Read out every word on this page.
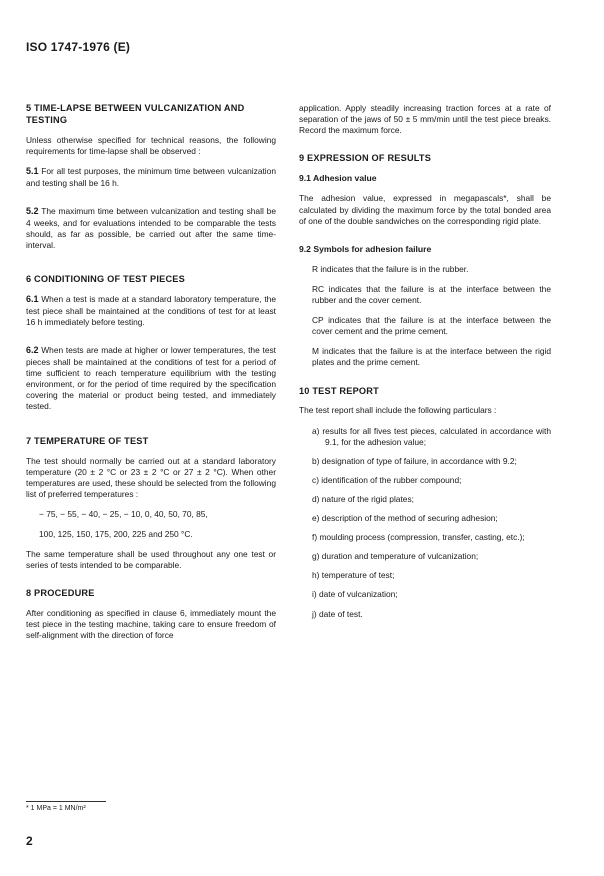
ISO 1747-1976 (E)
5 TIME-LAPSE BETWEEN VULCANIZATION AND TESTING

Unless otherwise specified for technical reasons, the following requirements for time-lapse shall be observed :

5.1 For all test purposes, the minimum time between vulcanization and testing shall be 16 h.

5.2 The maximum time between vulcanization and testing shall be 4 weeks, and for evaluations intended to be comparable the tests should, as far as possible, be carried out after the same time-interval.

6 CONDITIONING OF TEST PIECES

6.1 When a test is made at a standard laboratory temperature, the test piece shall be maintained at the conditions of test for at least 16 h immediately before testing.

6.2 When tests are made at higher or lower temperatures, the test pieces shall be maintained at the conditions of test for a period of time sufficient to reach temperature equilibrium with the testing environment, or for the period of time required by the specification covering the material or product being tested, and immediately tested.

7 TEMPERATURE OF TEST

The test should normally be carried out at a standard laboratory temperature (20 ± 2 °C or 23 ± 2 °C or 27 ± 2 °C). When other temperatures are used, these should be selected from the following list of preferred temperatures :

− 75, − 55, − 40, − 25, − 10, 0, 40, 50, 70, 85,

100, 125, 150, 175, 200, 225 and 250 °C.

The same temperature shall be used throughout any one test or series of tests intended to be comparable.

8 PROCEDURE

After conditioning as specified in clause 6, immediately mount the test piece in the testing machine, taking care to ensure freedom of self-alignment with the direction of force

application. Apply steadily increasing traction forces at a rate of separation of the jaws of 50 ± 5 mm/min until the test piece breaks. Record the maximum force.

9 EXPRESSION OF RESULTS
9.1 Adhesion value

The adhesion value, expressed in megapascals*, shall be calculated by dividing the maximum force by the total bonded area of one of the double sandwiches on the corresponding rigid plate.

9.2 Symbols for adhesion failure

R indicates that the failure is in the rubber.

RC indicates that the failure is at the interface between the rubber and the cover cement.

CP indicates that the failure is at the interface between the cover cement and the prime cement.

M indicates that the failure is at the interface between the rigid plates and the prime cement.

10 TEST REPORT

The test report shall include the following particulars :

a) results for all fives test pieces, calculated in accordance with 9.1, for the adhesion value;

b) designation of type of failure, in accordance with 9.2;

c) identification of the rubber compound;

d) nature of the rigid plates;

e) description of the method of securing adhesion;

f) moulding process (compression, transfer, casting, etc.);

g) duration and temperature of vulcanization;

h) temperature of test;

i) date of vulcanization;

j) date of test.

* 1 MPa = 1 MN/m²
2
